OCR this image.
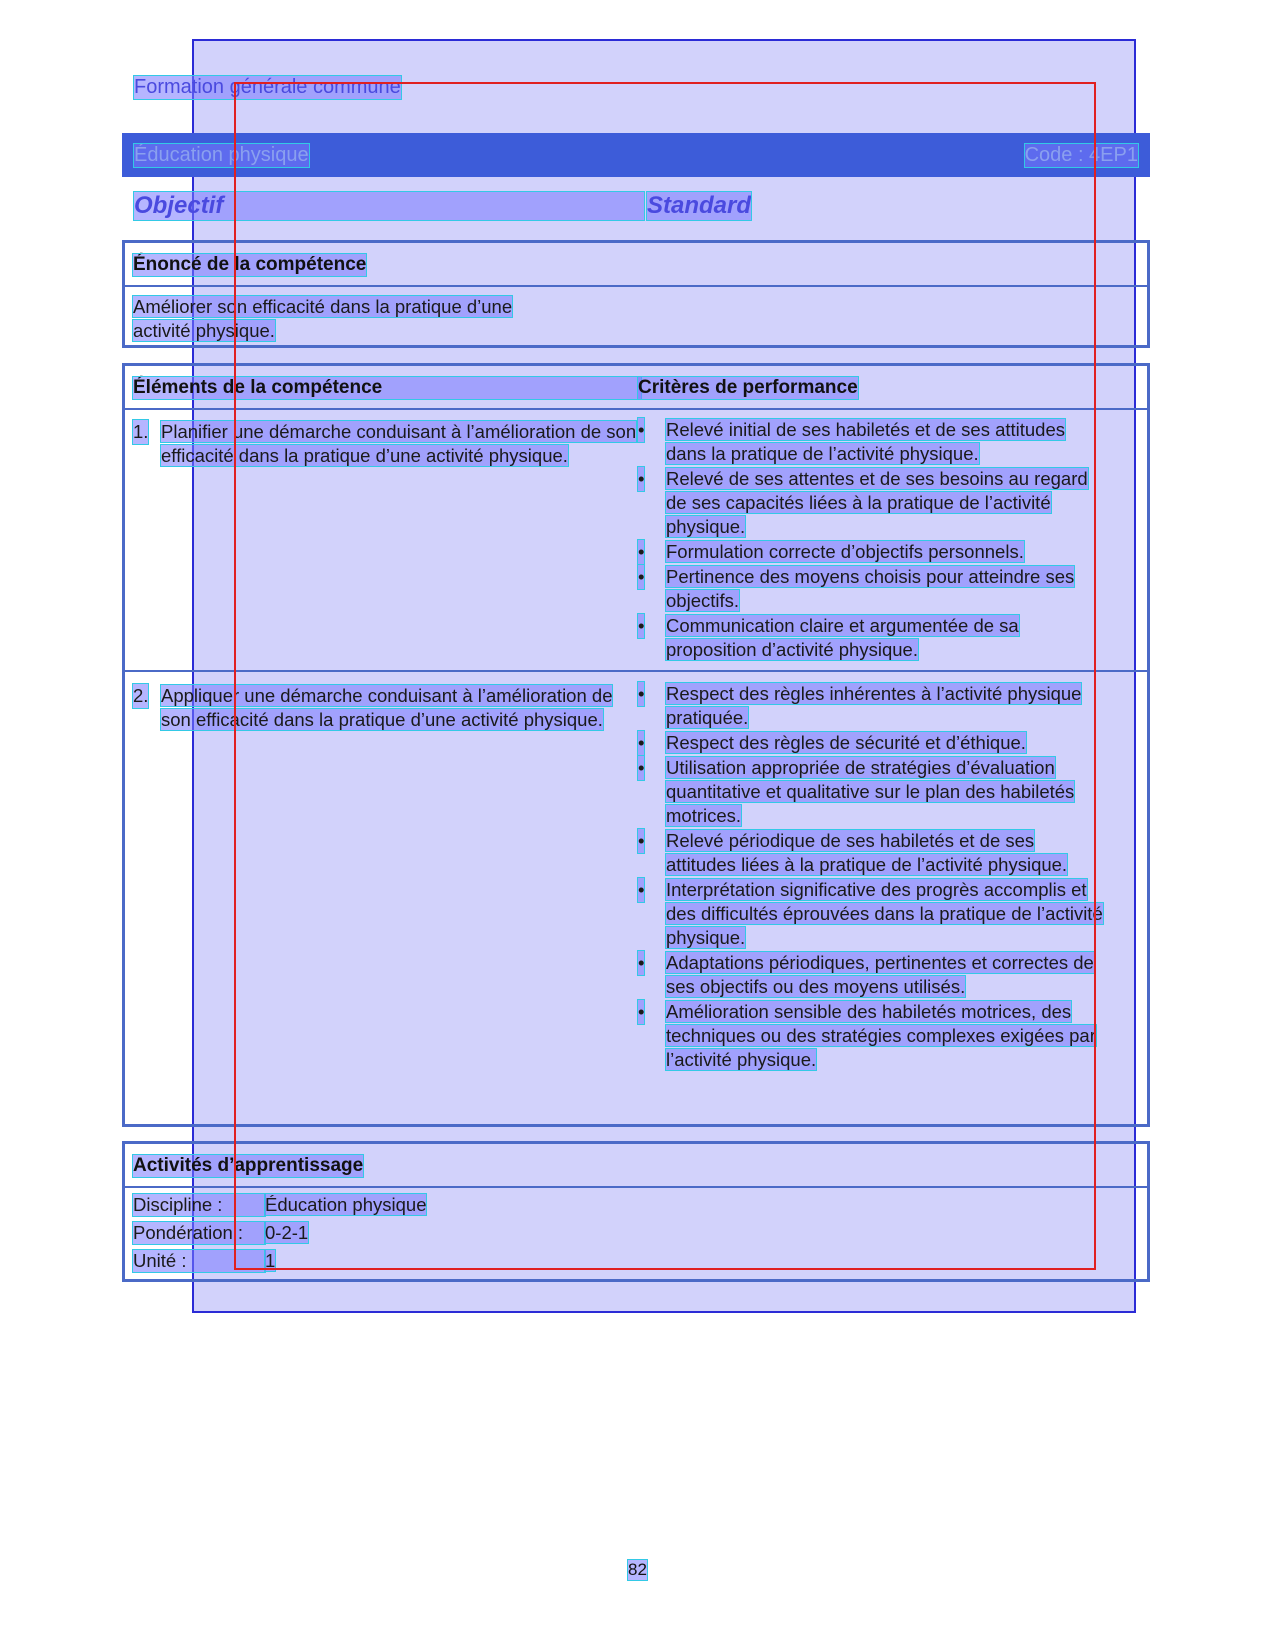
Formation générale commune
Éducation physique	Code : 4EP1
Objectif	Standard
Énoncé de la compétence
Améliorer son efficacité dans la pratique d’une activité physique.
Éléments de la compétence	Critères de performance
1. Planifier une démarche conduisant à l’amélioration de son efficacité dans la pratique d’une activité physique.
• Relevé initial de ses habiletés et de ses attitudes dans la pratique de l’activité physique.
• Relevé de ses attentes et de ses besoins au regard de ses capacités liées à la pratique de l’activité physique.
• Formulation correcte d’objectifs personnels.
• Pertinence des moyens choisis pour atteindre ses objectifs.
• Communication claire et argumentée de sa proposition d’activité physique.
2. Appliquer une démarche conduisant à l’amélioration de son efficacité dans la pratique d’une activité physique.
• Respect des règles inhérentes à l’activité physique pratiquée.
• Respect des règles de sécurité et d’éthique.
• Utilisation appropriée de stratégies d’évaluation quantitative et qualitative sur le plan des habiletés motrices.
• Relevé périodique de ses habiletés et de ses attitudes liées à la pratique de l’activité physique.
• Interprétation significative des progrès accomplis et des difficultés éprouvées dans la pratique de l’activité physique.
• Adaptations périodiques, pertinentes et correctes de ses objectifs ou des moyens utilisés.
• Amélioration sensible des habiletés motrices, des techniques ou des stratégies complexes exigées par l’activité physique.
Activités d’apprentissage
Discipline : Éducation physique
Pondération : 0-2-1
Unité :	1
82
